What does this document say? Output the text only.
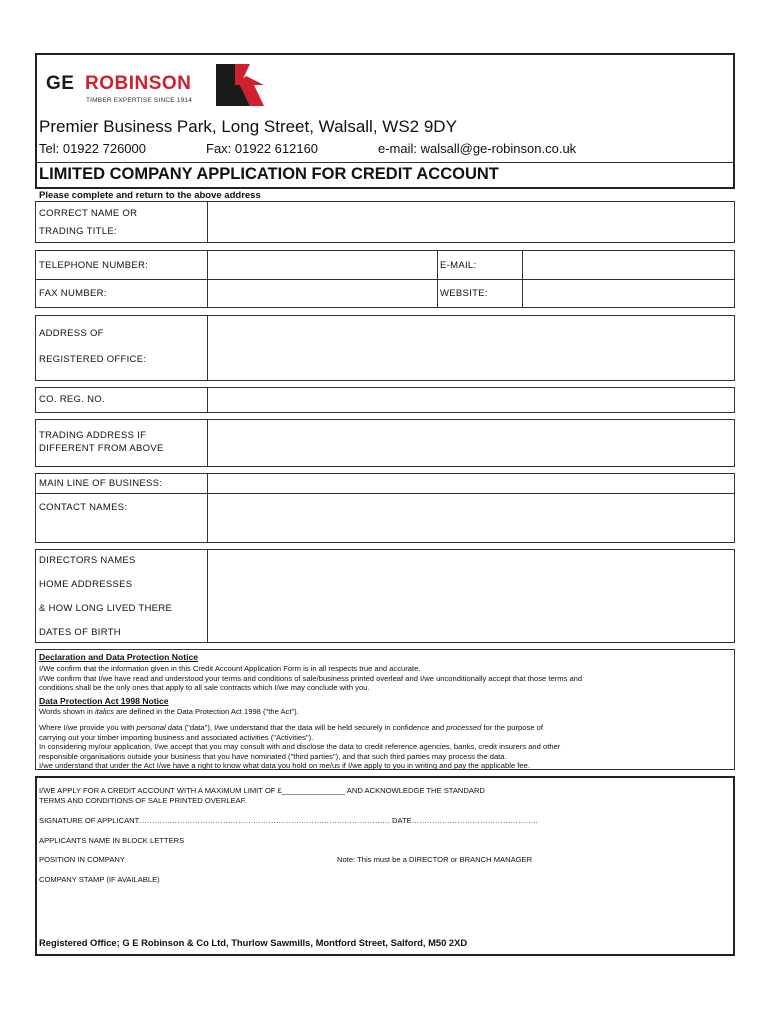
GE ROBINSON
TIMBER EXPERTISE SINCE 1914
Premier Business Park, Long Street, Walsall, WS2 9DY
Tel: 01922 726000	Fax: 01922 612160	e-mail: walsall@ge-robinson.co.uk
LIMITED COMPANY APPLICATION FOR CREDIT ACCOUNT
Please complete and return to the above address
CORRECT NAME OR
TRADING TITLE:
TELEPHONE NUMBER:	E-MAIL:
FAX NUMBER:	WEBSITE:
ADDRESS OF
REGISTERED OFFICE:
CO. REG. NO.
TRADING ADDRESS IF
DIFFERENT FROM ABOVE
MAIN LINE OF BUSINESS:
CONTACT NAMES:
DIRECTORS NAMES
HOME ADDRESSES
& HOW LONG LIVED THERE
DATES OF BIRTH
Declaration and Data Protection Notice
I/We confirm that the information given in this Credit Account Application Form is in all respects true and accurate.
I/We confirm that I/we have read and understood your terms and conditions of sale/business printed overleaf and I/we unconditionally accept that those terms and
conditions shall be the only ones that apply to all sale contracts which I/we may conclude with you.
Data Protection Act 1998 Notice
Words shown in italics are defined in the Data Protection Act 1998 ("the Act").
Where I/we provide you with personal data ("data"), I/we understand that the data will be held securely in confidence and processed for the purpose of
carrying out your timber importing business and associated activities ("Activities").
In considering my/our application, I/we accept that you may consult with and disclose the data to credit reference agencies, banks, credit insurers and other
responsible organisations outside your business that you have nominated ("third parties"), and that such third parties may process the data.
I/we understand that under the Act I/we have a right to know what data you hold on me/us if I/we apply to you in writing and pay the applicable fee.
I/WE APPLY FOR A CREDIT ACCOUNT WITH A MAXIMUM LIMIT OF £_______________ AND ACKNOWLEDGE THE STANDARD
TERMS AND CONDITIONS OF SALE PRINTED OVERLEAF.
SIGNATURE OF APPLICANT……………………………………………………………………………………… DATE…………………………………………..
APPLICANTS NAME IN BLOCK LETTERS
POSITION IN COMPANY	Note: This must be a DIRECTOR or BRANCH MANAGER
COMPANY STAMP (IF AVAILABLE)
Registered Office; G E Robinson & Co Ltd, Thurlow Sawmills, Montford Street, Salford, M50 2XD
